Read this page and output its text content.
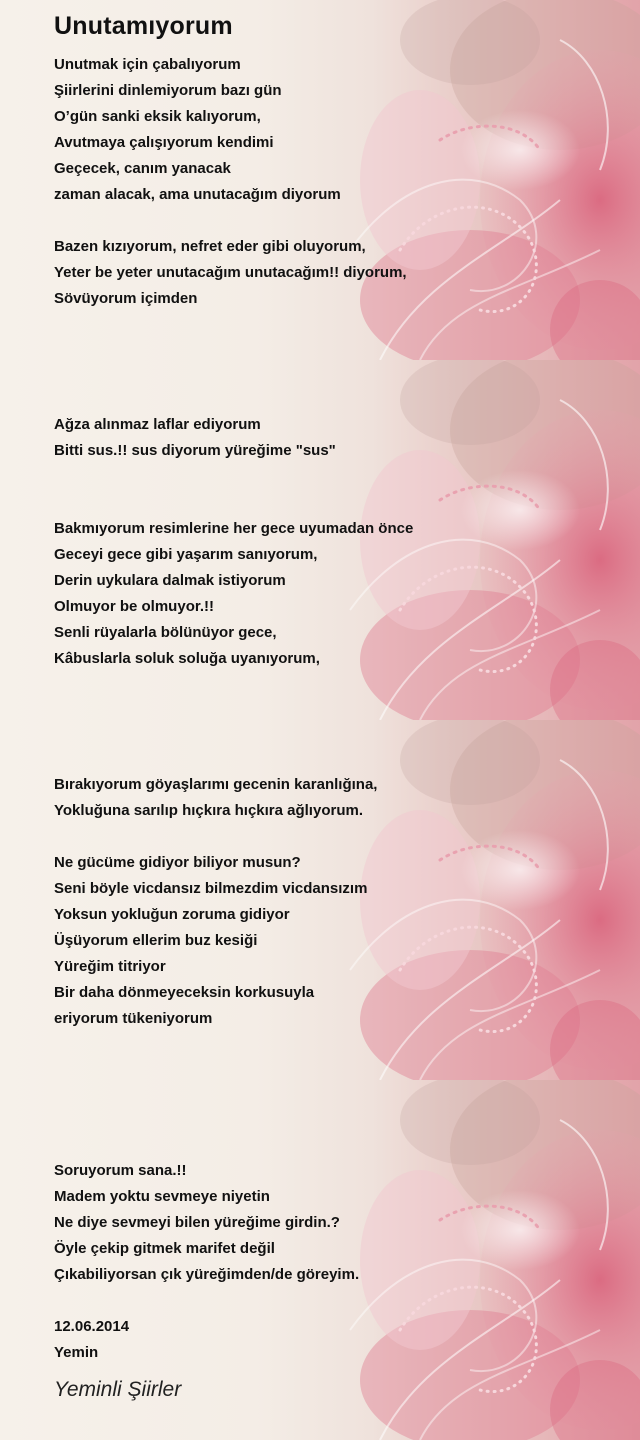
Unutamıyorum
Unutmak için çabalıyorum
Şiirlerini dinlemiyorum bazı gün
O’gün sanki eksik kalıyorum,
Avutmaya çalışıyorum kendimi
Geçecek, canım yanacak
zaman alacak, ama unutacağım diyorum
Bazen kızıyorum, nefret eder gibi oluyorum,
Yeter be yeter unutacağım unutacağım!! diyorum,
Sövüyorum içimden
Ağza alınmaz laflar ediyorum
Bitti sus.!! sus diyorum yüreğime "sus"
Bakmıyorum resimlerine her gece uyumadan önce
Geceyi gece gibi yaşarım sanıyorum,
Derin uykulara dalmak istiyorum
Olmuyor be olmuyor.!!
Senli rüyalarla bölünüyor gece,
Kâbuslarla soluk soluğa uyanıyorum,
Bırakıyorum göyaşlarımı gecenin karanlığına,
Yokluğuna sarılıp hıçkıra hıçkıra ağlıyorum.
Ne gücüme gidiyor biliyor musun?
Seni böyle vicdansız bilmezdim vicdansızım
Yoksun yokluğun zoruma gidiyor
Üşüyorum ellerim buz kesiği
Yüreğim titriyor
Bir daha dönmeyeceksin korkusuyla
eriyorum tükeniyorum
Soruyorum sana.!!
Madem yoktu sevmeye niyetin
Ne diye sevmeyi bilen yüreğime girdin.?
Öyle çekip gitmek marifet değil
Çıkabiliyorsan çık yüreğimden/de göreyim.
12.06.2014
Yemin
Yeminli Şiirler
